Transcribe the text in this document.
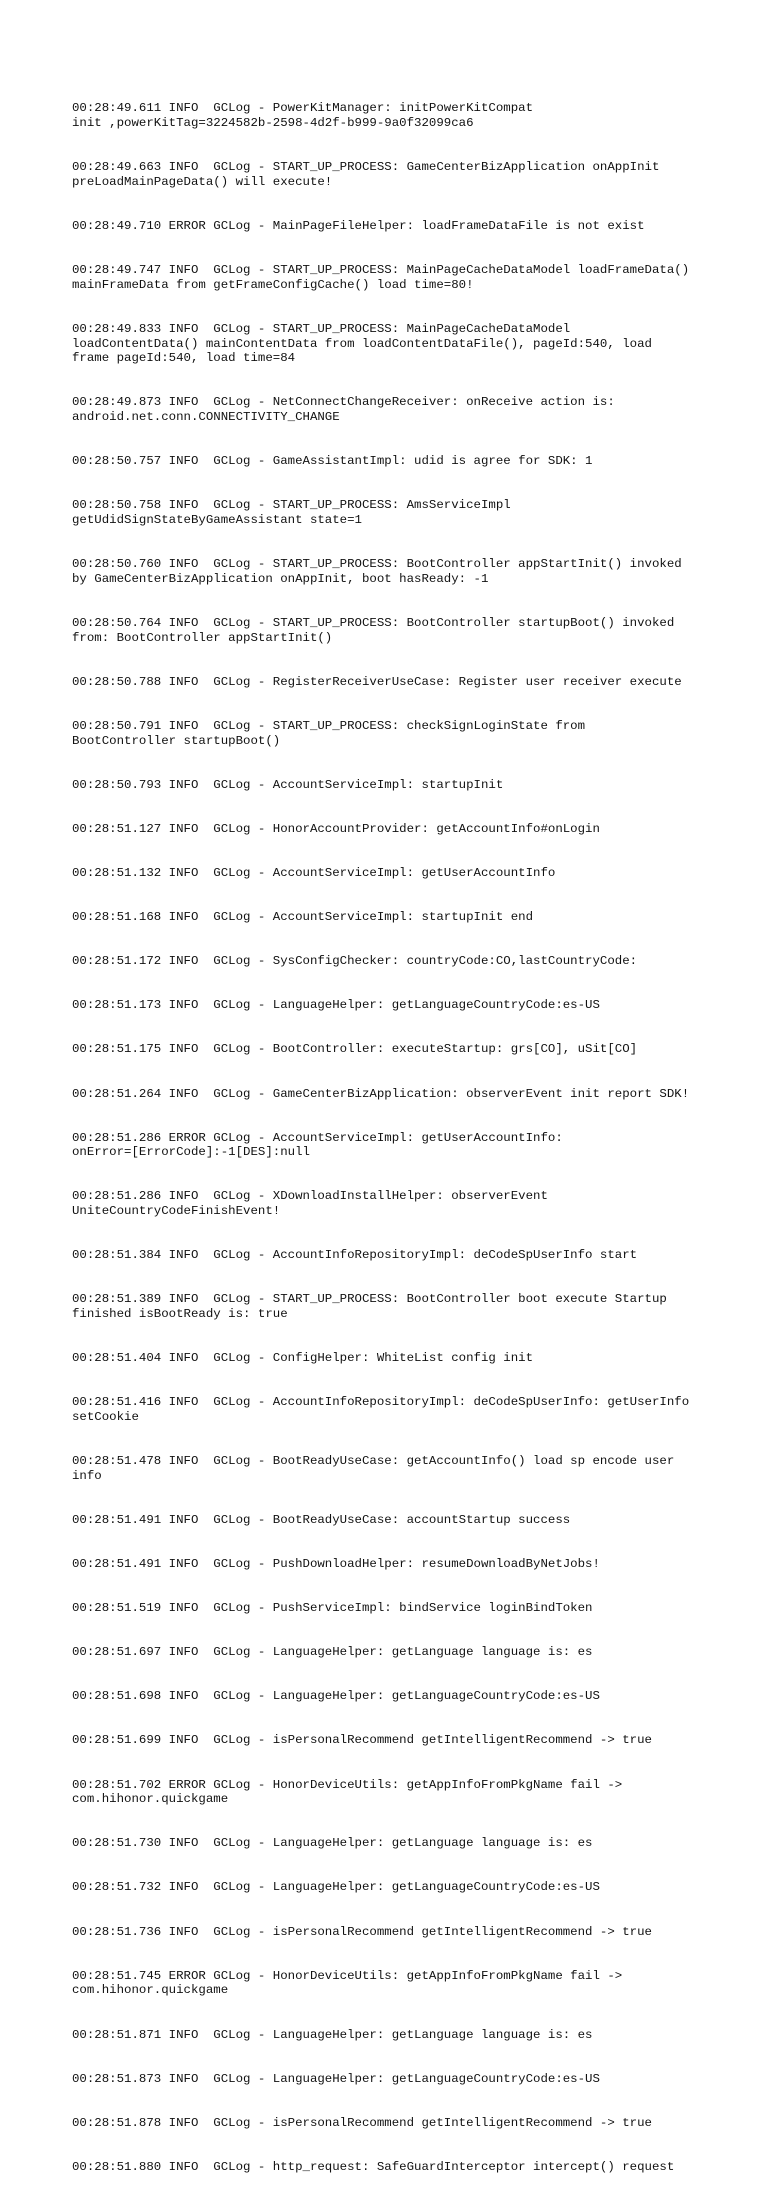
00:28:49.611 INFO  GCLog - PowerKitManager: initPowerKitCompat
init ,powerKitTag=3224582b-2598-4d2f-b999-9a0f32099ca6

00:28:49.663 INFO  GCLog - START_UP_PROCESS: GameCenterBizApplication onAppInit
preLoadMainPageData() will execute!

00:28:49.710 ERROR GCLog - MainPageFileHelper: loadFrameDataFile is not exist

00:28:49.747 INFO  GCLog - START_UP_PROCESS: MainPageCacheDataModel loadFrameData()
mainFrameData from getFrameConfigCache() load time=80!

00:28:49.833 INFO  GCLog - START_UP_PROCESS: MainPageCacheDataModel
loadContentData() mainContentData from loadContentDataFile(), pageId:540, load
frame pageId:540, load time=84

00:28:49.873 INFO  GCLog - NetConnectChangeReceiver: onReceive action is:
android.net.conn.CONNECTIVITY_CHANGE

00:28:50.757 INFO  GCLog - GameAssistantImpl: udid is agree for SDK: 1

00:28:50.758 INFO  GCLog - START_UP_PROCESS: AmsServiceImpl
getUdidSignStateByGameAssistant state=1

00:28:50.760 INFO  GCLog - START_UP_PROCESS: BootController appStartInit() invoked
by GameCenterBizApplication onAppInit, boot hasReady: -1

00:28:50.764 INFO  GCLog - START_UP_PROCESS: BootController startupBoot() invoked
from: BootController appStartInit()

00:28:50.788 INFO  GCLog - RegisterReceiverUseCase: Register user receiver execute

00:28:50.791 INFO  GCLog - START_UP_PROCESS: checkSignLoginState from
BootController startupBoot()

00:28:50.793 INFO  GCLog - AccountServiceImpl: startupInit

00:28:51.127 INFO  GCLog - HonorAccountProvider: getAccountInfo#onLogin

00:28:51.132 INFO  GCLog - AccountServiceImpl: getUserAccountInfo

00:28:51.168 INFO  GCLog - AccountServiceImpl: startupInit end

00:28:51.172 INFO  GCLog - SysConfigChecker: countryCode:CO,lastCountryCode:

00:28:51.173 INFO  GCLog - LanguageHelper: getLanguageCountryCode:es-US

00:28:51.175 INFO  GCLog - BootController: executeStartup: grs[CO], uSit[CO]

00:28:51.264 INFO  GCLog - GameCenterBizApplication: observerEvent init report SDK!

00:28:51.286 ERROR GCLog - AccountServiceImpl: getUserAccountInfo:
onError=[ErrorCode]:-1[DES]:null

00:28:51.286 INFO  GCLog - XDownloadInstallHelper: observerEvent
UniteCountryCodeFinishEvent!

00:28:51.384 INFO  GCLog - AccountInfoRepositoryImpl: deCodeSpUserInfo start

00:28:51.389 INFO  GCLog - START_UP_PROCESS: BootController boot execute Startup
finished isBootReady is: true

00:28:51.404 INFO  GCLog - ConfigHelper: WhiteList config init

00:28:51.416 INFO  GCLog - AccountInfoRepositoryImpl: deCodeSpUserInfo: getUserInfo
setCookie

00:28:51.478 INFO  GCLog - BootReadyUseCase: getAccountInfo() load sp encode user
info

00:28:51.491 INFO  GCLog - BootReadyUseCase: accountStartup success

00:28:51.491 INFO  GCLog - PushDownloadHelper: resumeDownloadByNetJobs!

00:28:51.519 INFO  GCLog - PushServiceImpl: bindService loginBindToken

00:28:51.697 INFO  GCLog - LanguageHelper: getLanguage language is: es

00:28:51.698 INFO  GCLog - LanguageHelper: getLanguageCountryCode:es-US

00:28:51.699 INFO  GCLog - isPersonalRecommend getIntelligentRecommend -> true

00:28:51.702 ERROR GCLog - HonorDeviceUtils: getAppInfoFromPkgName fail ->
com.hihonor.quickgame

00:28:51.730 INFO  GCLog - LanguageHelper: getLanguage language is: es

00:28:51.732 INFO  GCLog - LanguageHelper: getLanguageCountryCode:es-US

00:28:51.736 INFO  GCLog - isPersonalRecommend getIntelligentRecommend -> true

00:28:51.745 ERROR GCLog - HonorDeviceUtils: getAppInfoFromPkgName fail ->
com.hihonor.quickgame

00:28:51.871 INFO  GCLog - LanguageHelper: getLanguage language is: es

00:28:51.873 INFO  GCLog - LanguageHelper: getLanguageCountryCode:es-US

00:28:51.878 INFO  GCLog - isPersonalRecommend getIntelligentRecommend -> true

00:28:51.880 INFO  GCLog - http_request: SafeGuardInterceptor intercept() request
